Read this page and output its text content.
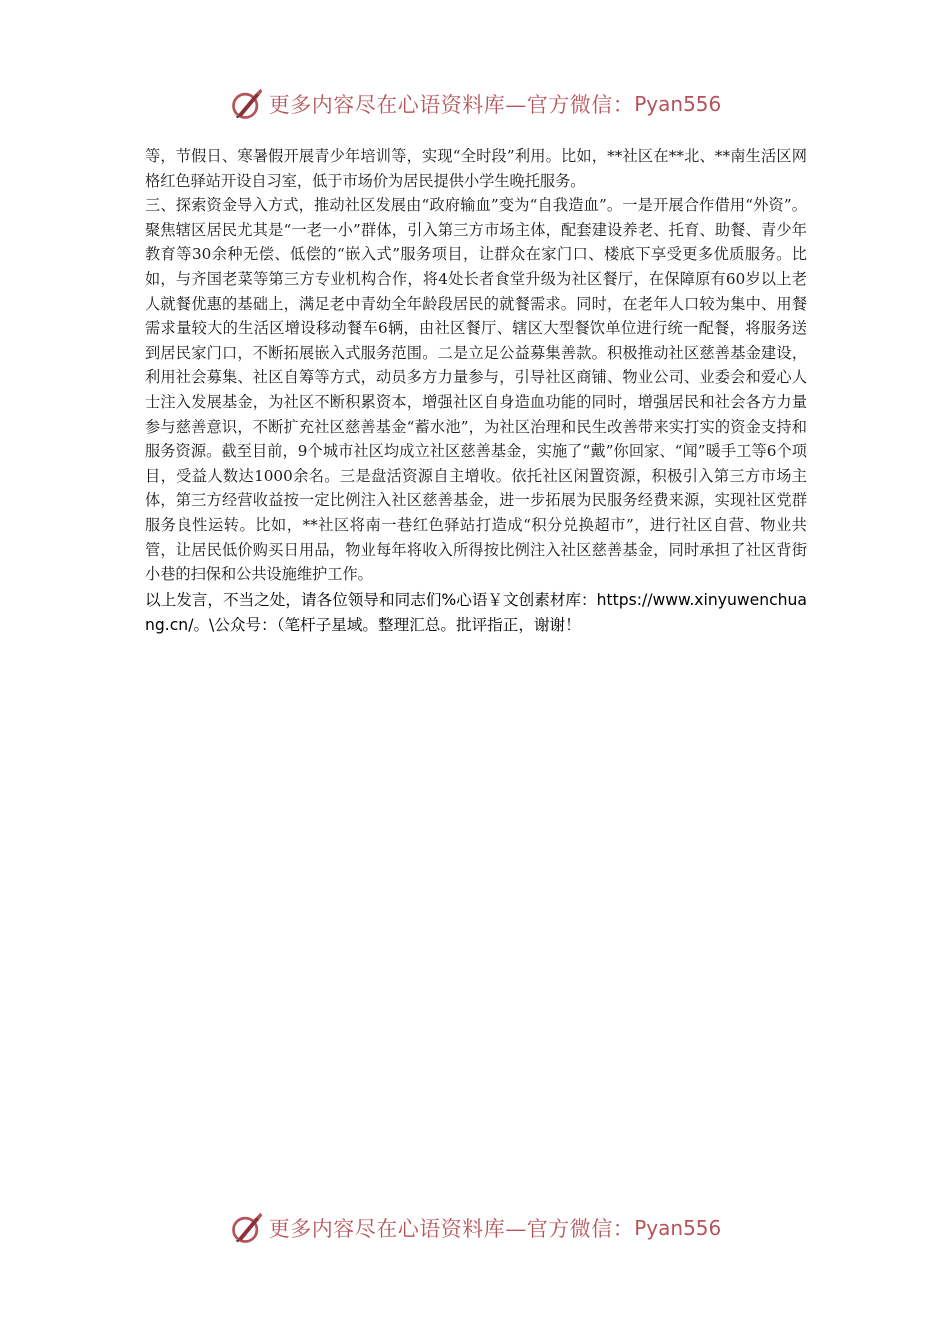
更多内容尽在心语资料库—官方微信： Pyan556

等，节假日、寒暑假开展青少年培训等，实现“全时段”利用。比如，**社区在**北、**南生活区网格红色驿站开设自习室，低于市场价为居民提供小学生晚托服务。

三、探索资金导入方式，推动社区发展由“政府输血”变为“自我造血”。一是开展合作借用“外资”。聚焦辖区居民尤其是“一老一小”群体，引入第三方市场主体，配套建设养老、托育、助餐、青少年教育等30余种无偿、低偿的“嵌入式”服务项目，让群众在家门口、楼底下享受更多优质服务。比如，与齐国老菜等第三方专业机构合作，将4处长者食堂升级为社区餐厅，在保障原有60岁以上老人就餐优惠的基础上，满足老中青幼全年龄段居民的就餐需求。同时，在老年人口较为集中、用餐需求量较大的生活区增设移动餐车6辆，由社区餐厅、辖区大型餐饮单位进行统一配餐，将服务送到居民家门口，不断拓展嵌入式服务范围。二是立足公益募集善款。积极推动社区慈善基金建设，利用社会募集、社区自筹等方式，动员多方力量参与，引导社区商铺、物业公司、业委会和爱心人士注入发展基金，为社区不断积累资本，增强社区自身造血功能的同时，增强居民和社会各方力量参与慈善意识，不断扩充社区慈善基金“蓄水池”，为社区治理和民生改善带来实打实的资金支持和服务资源。截至目前，9个城市社区均成立社区慈善基金，实施了“戴”你回家、“闻”暖手工等6个项目，受益人数达1000余名。三是盘活资源自主增收。依托社区闲置资源，积极引入第三方市场主体，第三方经营收益按一定比例注入社区慈善基金，进一步拓展为民服务经费来源，实现社区党群服务良性运转。比如，**社区将南一巷红色驿站打造成“积分兑换超市”，进行社区自营、物业共管，让居民低价购买日用品，物业每年将收入所得按比例注入社区慈善基金，同时承担了社区背街小巷的扫保和公共设施维护工作。

以上发言，不当之处，请各位领导和同志们%心语￥文创素材库：https://www.xinyuwenchuang.cn/。\公众号：（笔杆子星域。整理汇总。批评指正，谢谢！

更多内容尽在心语资料库—官方微信： Pyan556
